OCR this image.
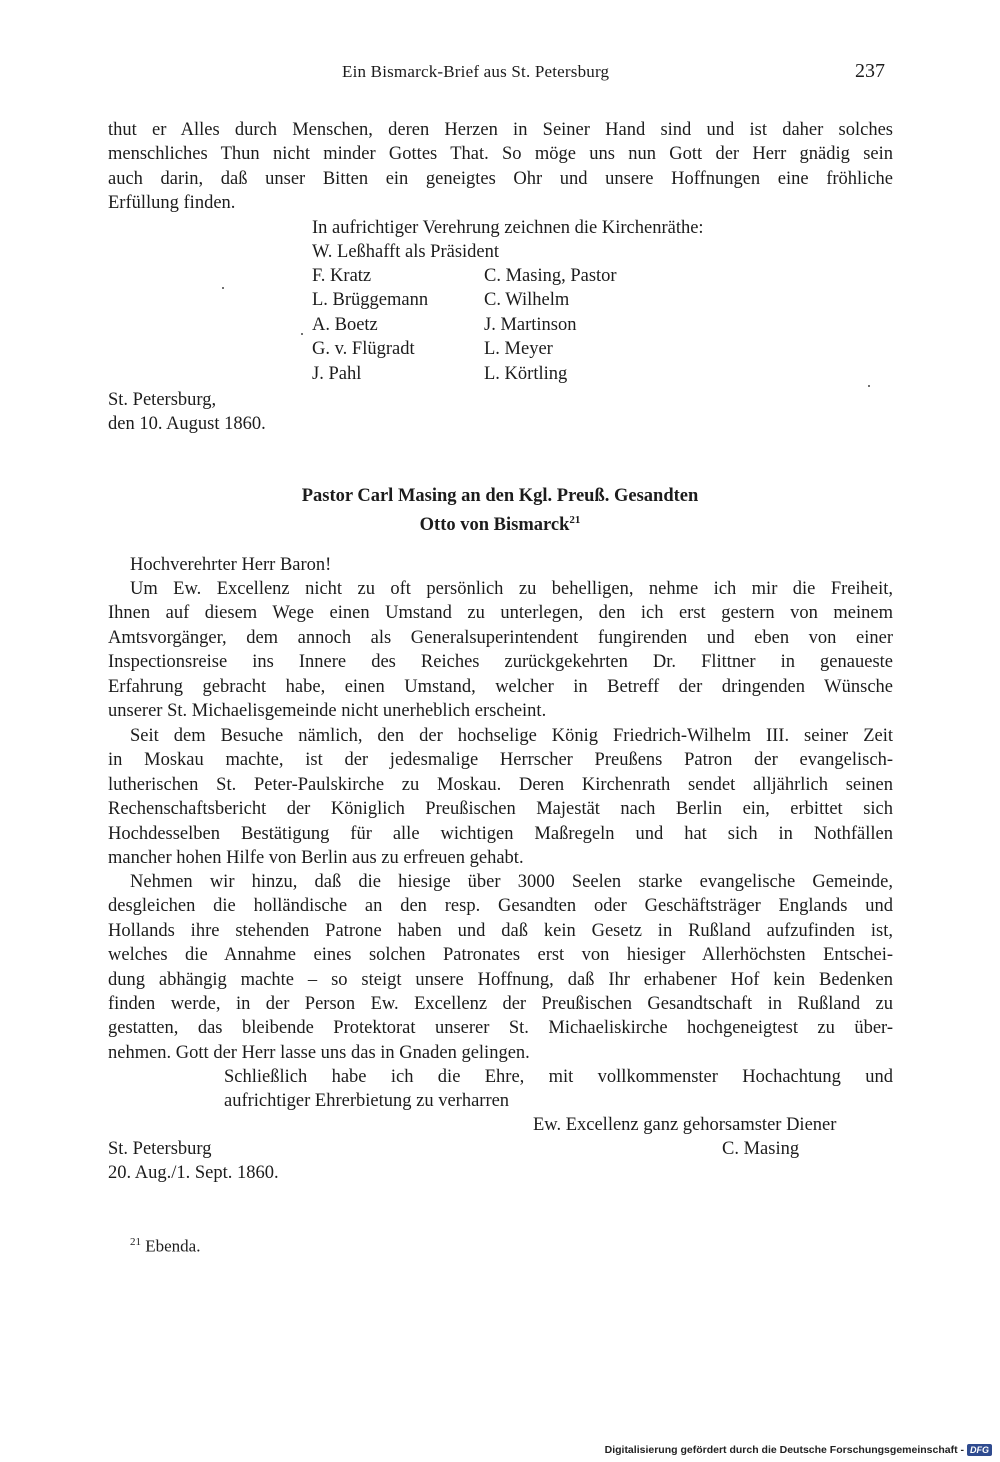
Ein Bismarck-Brief aus St. Petersburg	237
thut er Alles durch Menschen, deren Herzen in Seiner Hand sind und ist daher solches
menschliches Thun nicht minder Gottes That. So möge uns nun Gott der Herr gnädig sein
auch darin, daß unser Bitten ein geneigtes Ohr und unsere Hoffnungen eine fröhliche
Erfüllung finden.
In aufrichtiger Verehrung zeichnen die Kirchenräthe:
W. Leßhafft als Präsident
F. Kratz	C. Masing, Pastor
L. Brüggemann	C. Wilhelm
A. Boetz	J. Martinson
G. v. Flügradt	L. Meyer
J. Pahl	L. Körtling
St. Petersburg,
den 10. August 1860.
Pastor Carl Masing an den Kgl. Preuß. Gesandten
Otto von Bismarck$^{21}$
Hochverehrter Herr Baron!
Um Ew. Excellenz nicht zu oft persönlich zu behelligen, nehme ich mir die Freiheit,
Ihnen auf diesem Wege einen Umstand zu unterlegen, den ich erst gestern von meinem
Amtsvorgänger, dem annoch als Generalsuperintendent fungirenden und eben von einer
Inspectionsreise ins Innere des Reiches zurückgekehrten Dr. Flittner in genaueste
Erfahrung gebracht habe, einen Umstand, welcher in Betreff der dringenden Wünsche
unserer St. Michaelisgemeinde nicht unerheblich erscheint.
Seit dem Besuche nämlich, den der hochselige König Friedrich-Wilhelm III. seiner Zeit
in Moskau machte, ist der jedesmalige Herrscher Preußens Patron der evangelisch-
lutherischen St. Peter-Paulskirche zu Moskau. Deren Kirchenrath sendet alljährlich seinen
Rechenschaftsbericht der Königlich Preußischen Majestät nach Berlin ein, erbittet sich
Hochdesselben Bestätigung für alle wichtigen Maßregeln und hat sich in Nothfällen
mancher hohen Hilfe von Berlin aus zu erfreuen gehabt.
Nehmen wir hinzu, daß die hiesige über 3000 Seelen starke evangelische Gemeinde,
desgleichen die holländische an den resp. Gesandten oder Geschäftsträger Englands und
Hollands ihre stehenden Patrone haben und daß kein Gesetz in Rußland aufzufinden ist,
welches die Annahme eines solchen Patronates erst von hiesiger Allerhöchsten Entschei-
dung abhängig machte – so steigt unsere Hoffnung, daß Ihr erhabener Hof kein Bedenken
finden werde, in der Person Ew. Excellenz der Preußischen Gesandtschaft in Rußland zu
gestatten, das bleibende Protektorat unserer St. Michaeliskirche hochgeneigtest zu über-
nehmen. Gott der Herr lasse uns das in Gnaden gelingen.
Schließlich habe ich die Ehre, mit vollkommenster Hochachtung und
aufrichtiger Ehrerbietung zu verharren
Ew. Excellenz ganz gehorsamster Diener
St. Petersburg	C. Masing
20. Aug./1. Sept. 1860.
$^{21}$ Ebenda.
Digitalisierung gefördert durch die Deutsche Forschungsgemeinschaft - DFG
